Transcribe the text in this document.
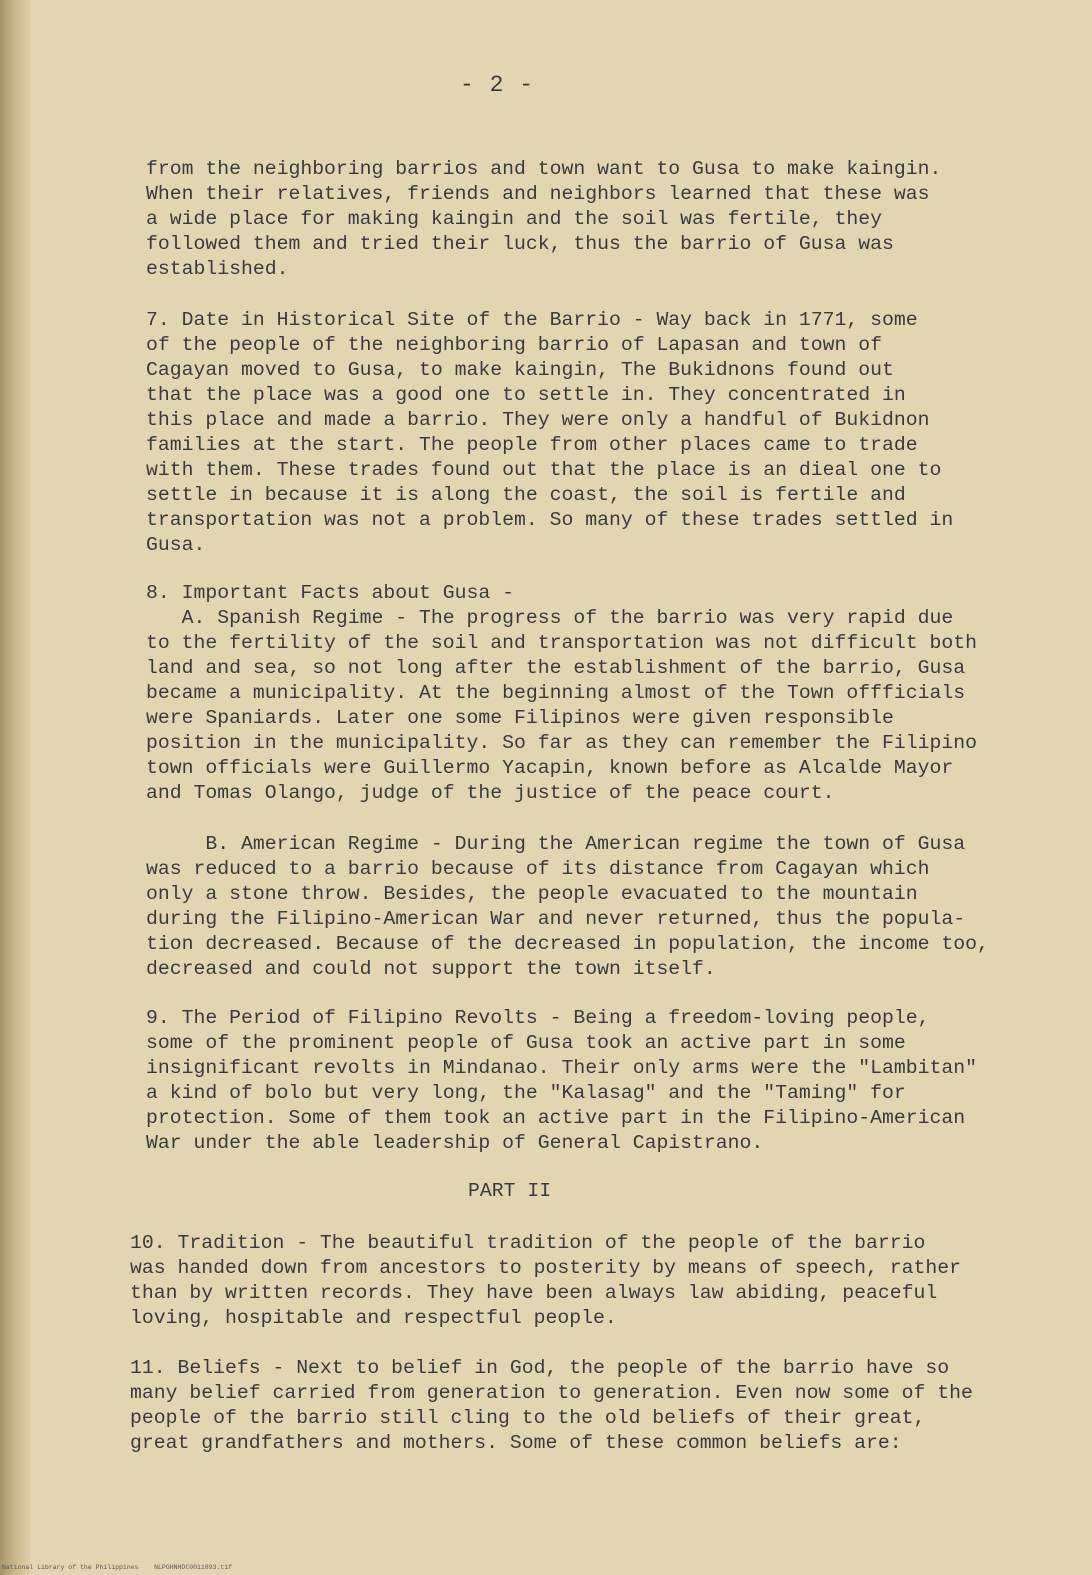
- 2 -

from the neighboring barrios and town want to Gusa to make kaingin.

When their relatives, friends and neighbors learned that these was

a wide place for making kaingin and the soil was fertile, they

followed them and tried their luck, thus the barrio of Gusa was

established.

7. Date in Historical Site of the Barrio - Way back in 1771, some

of the people of the neighboring barrio of Lapasan and town of

Cagayan moved to Gusa, to make kaingin, The Bukidnons found out

that the place was a good one to settle in. They concentrated in

this place and made a barrio. They were only a handful of Bukidnon

families at the start. The people from other places came to trade

with them. These trades found out that the place is an dieal one to

settle in because it is along the coast, the soil is fertile and

transportation was not a problem. So many of these trades settled in

Gusa.

8. Important Facts about Gusa -

A. Spanish Regime - The progress of the barrio was very rapid due

to the fertility of the soil and transportation was not difficult both

land and sea, so not long after the establishment of the barrio, Gusa

became a municipality. At the beginning almost of the Town offficials

were Spaniards. Later one some Filipinos were given responsible

position in the municipality. So far as they can remember the Filipino

town officials were Guillermo Yacapin, known before as Alcalde Mayor

and Tomas Olango, judge of the justice of the peace court.

B. American Regime - During the American regime the town of Gusa

was reduced to a barrio because of its distance from Cagayan which

only a stone throw. Besides, the people evacuated to the mountain

during the Filipino-American War and never returned, thus the popula-

tion decreased. Because of the decreased in population, the income too,

decreased and could not support the town itself.

9. The Period of Filipino Revolts - Being a freedom-loving people,

some of the prominent people of Gusa took an active part in some

insignificant revolts in Mindanao. Their only arms were the "Lambitan"

a kind of bolo but very long, the "Kalasag" and the "Taming" for

protection. Some of them took an active part in the Filipino-American

War under the able leadership of General Capistrano.

PART II

10. Tradition - The beautiful tradition of the people of the barrio

was handed down from ancestors to posterity by means of speech, rather

than by written records. They have been always law abiding, peaceful

loving, hospitable and respectful people.

11. Beliefs - Next to belief in God, the people of the barrio have so

many belief carried from generation to generation. Even now some of the

people of the barrio still cling to the old beliefs of their great,

great grandfathers and mothers. Some of these common beliefs are:

National Library of the Philippines    NLPGHNHDC0011893.tif
